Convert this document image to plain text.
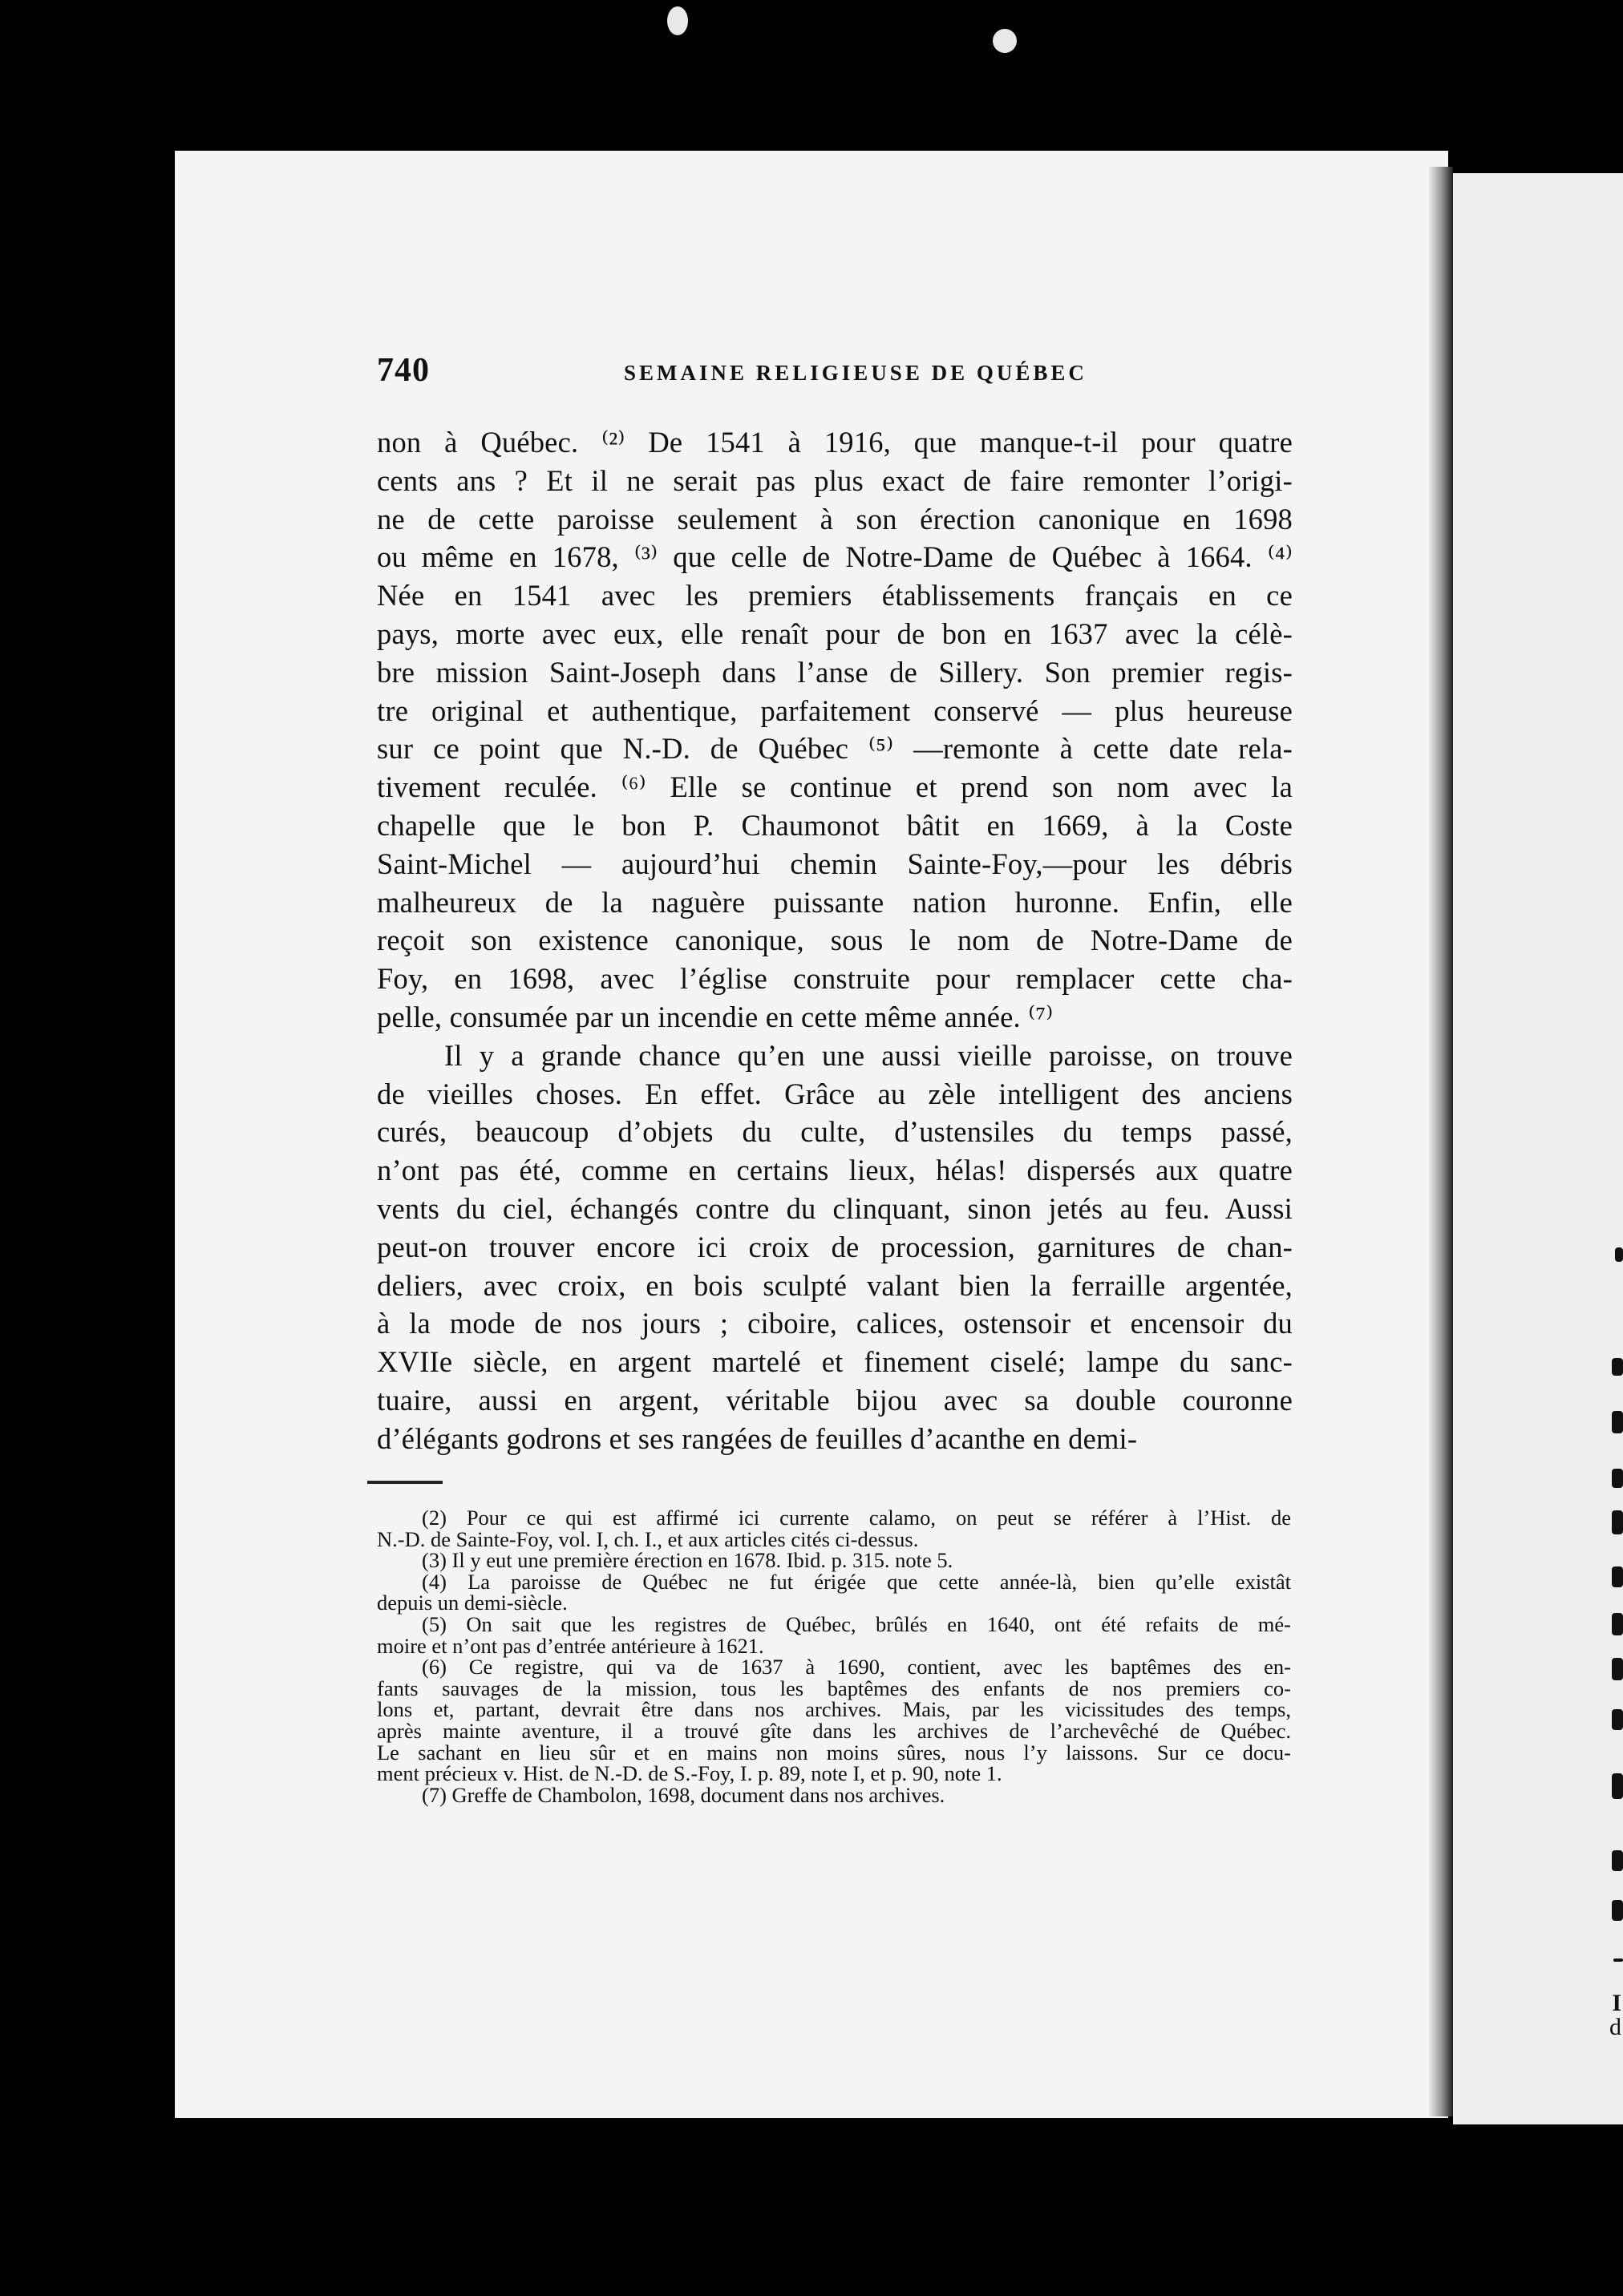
I
d
740	SEMAINE RELIGIEUSE DE QUÉBEC
non à Québec. ⁽²⁾ De 1541 à 1916, que manque-t-il pour quatre
cents ans ? Et il ne serait pas plus exact de faire remonter l’origi-
ne de cette paroisse seulement à son érection canonique en 1698
ou même en 1678, ⁽³⁾ que celle de Notre-Dame de Québec à 1664. ⁽⁴⁾
Née en 1541 avec les premiers établissements français en ce
pays, morte avec eux, elle renaît pour de bon en 1637 avec la célè-
bre mission Saint-Joseph dans l’anse de Sillery. Son premier regis-
tre original et authentique, parfaitement conservé — plus heureuse
sur ce point que N.-D. de Québec ⁽⁵⁾ —remonte à cette date rela-
tivement reculée. ⁽⁶⁾ Elle se continue et prend son nom avec la
chapelle que le bon P. Chaumonot bâtit en 1669, à la Coste
Saint-Michel — aujourd’hui chemin Sainte-Foy,—pour les débris
malheureux de la naguère puissante nation huronne. Enfin, elle
reçoit son existence canonique, sous le nom de Notre-Dame de
Foy, en 1698, avec l’église construite pour remplacer cette cha-
pelle, consumée par un incendie en cette même année. ⁽⁷⁾
Il y a grande chance qu’en une aussi vieille paroisse, on trouve
de vieilles choses. En effet. Grâce au zèle intelligent des anciens
curés, beaucoup d’objets du culte, d’ustensiles du temps passé,
n’ont pas été, comme en certains lieux, hélas! dispersés aux quatre
vents du ciel, échangés contre du clinquant, sinon jetés au feu. Aussi
peut-on trouver encore ici croix de procession, garnitures de chan-
deliers, avec croix, en bois sculpté valant bien la ferraille argentée,
à la mode de nos jours ; ciboire, calices, ostensoir et encensoir du
XVIIe siècle, en argent martelé et finement ciselé; lampe du sanc-
tuaire, aussi en argent, véritable bijou avec sa double couronne
d’élégants godrons et ses rangées de feuilles d’acanthe en demi-
(2) Pour ce qui est affirmé ici currente calamo, on peut se référer à l’Hist. de
N.-D. de Sainte-Foy, vol. I, ch. I., et aux articles cités ci-dessus.
(3) Il y eut une première érection en 1678. Ibid. p. 315. note 5.
(4) La paroisse de Québec ne fut érigée que cette année-là, bien qu’elle existât
depuis un demi-siècle.
(5) On sait que les registres de Québec, brûlés en 1640, ont été refaits de mé-
moire et n’ont pas d’entrée antérieure à 1621.
(6) Ce registre, qui va de 1637 à 1690, contient, avec les baptêmes des en-
fants sauvages de la mission, tous les baptêmes des enfants de nos premiers co-
lons et, partant, devrait être dans nos archives. Mais, par les vicissitudes des temps,
après mainte aventure, il a trouvé gîte dans les archives de l’archevêché de Québec.
Le sachant en lieu sûr et en mains non moins sûres, nous l’y laissons. Sur ce docu-
ment précieux v. Hist. de N.-D. de S.-Foy, I. p. 89, note I, et p. 90, note 1.
(7) Greffe de Chambolon, 1698, document dans nos archives.
